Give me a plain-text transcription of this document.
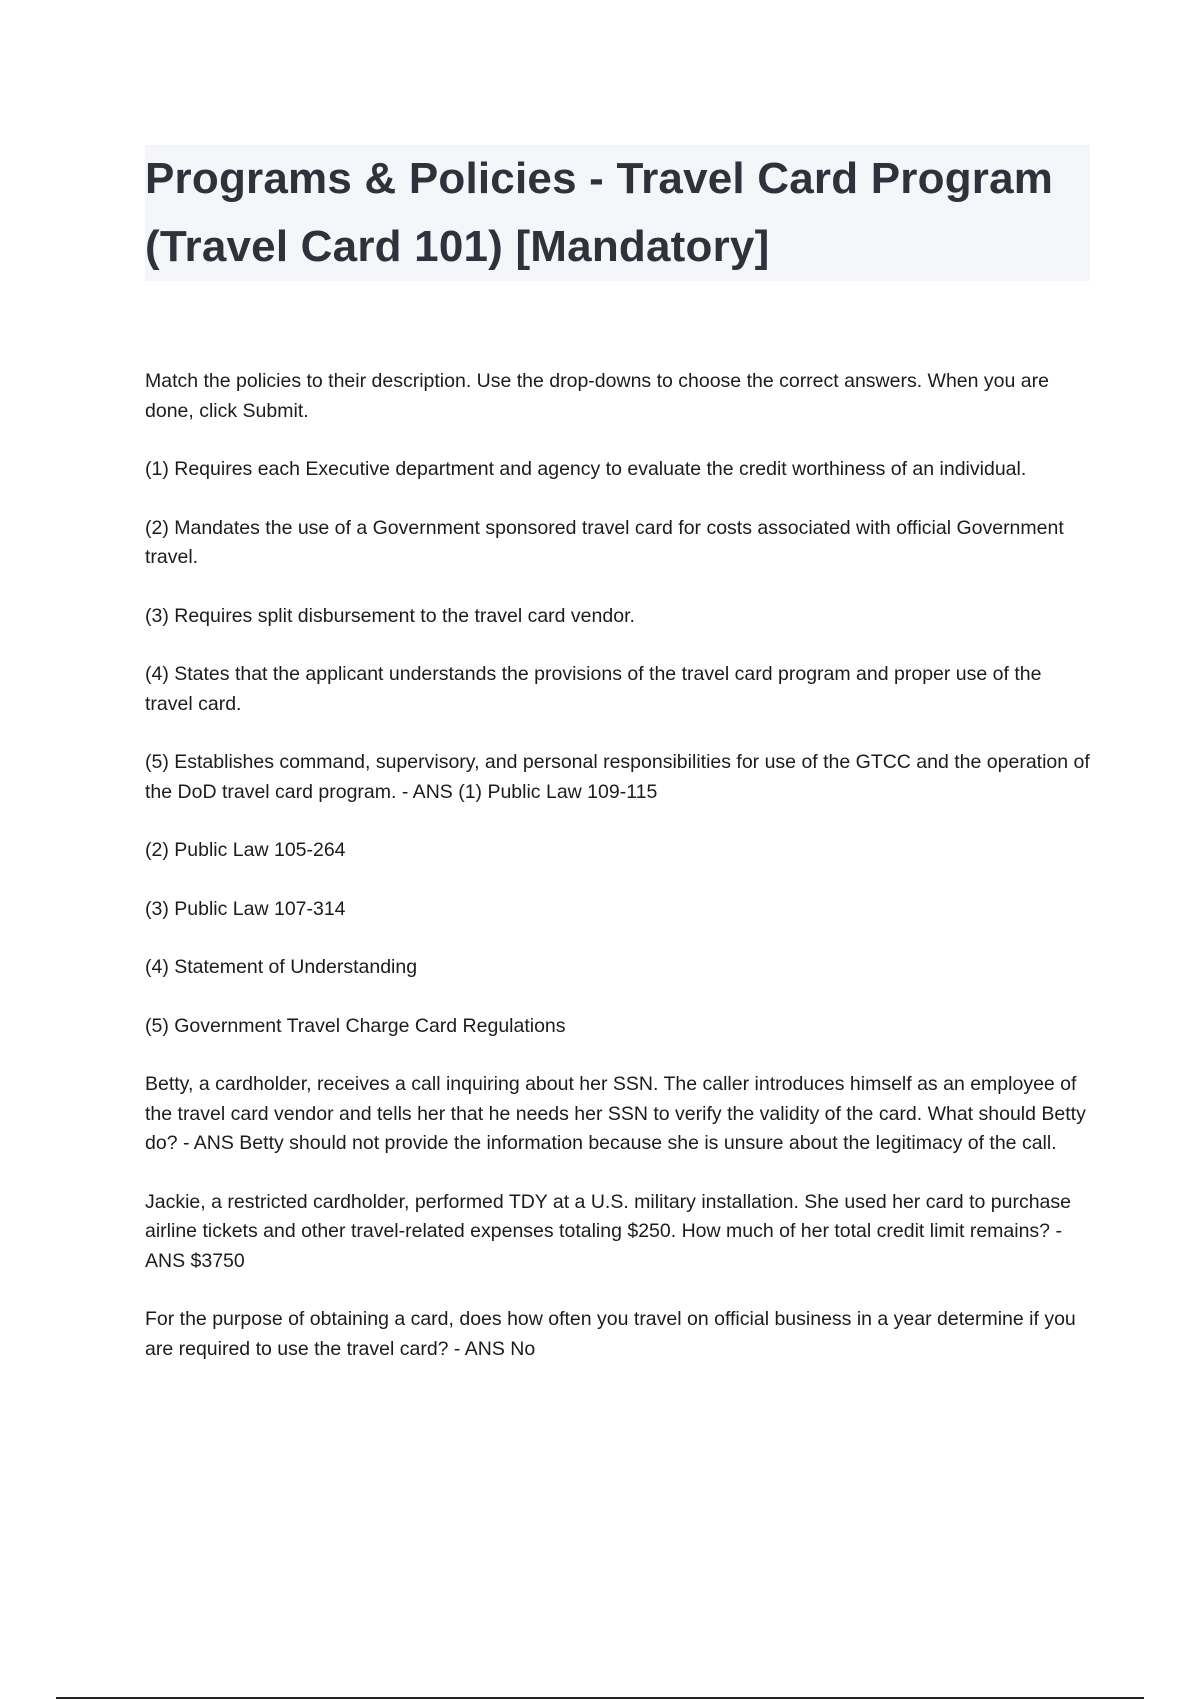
Programs & Policies - Travel Card Program (Travel Card 101) [Mandatory]

Match the policies to their description. Use the drop-downs to choose the correct answers. When you are done, click Submit.

(1) Requires each Executive department and agency to evaluate the credit worthiness of an individual.

(2) Mandates the use of a Government sponsored travel card for costs associated with official Government travel.

(3) Requires split disbursement to the travel card vendor.

(4) States that the applicant understands the provisions of the travel card program and proper use of the travel card.

(5) Establishes command, supervisory, and personal responsibilities for use of the GTCC and the operation of the DoD travel card program. - ANS (1) Public Law 109-115

(2) Public Law 105-264

(3) Public Law 107-314

(4) Statement of Understanding

(5) Government Travel Charge Card Regulations

Betty, a cardholder, receives a call inquiring about her SSN. The caller introduces himself as an employee of the travel card vendor and tells her that he needs her SSN to verify the validity of the card. What should Betty do? - ANS Betty should not provide the information because she is unsure about the legitimacy of the call.

Jackie, a restricted cardholder, performed TDY at a U.S. military installation. She used her card to purchase airline tickets and other travel-related expenses totaling $250. How much of her total credit limit remains? - ANS $3750

For the purpose of obtaining a card, does how often you travel on official business in a year determine if you are required to use the travel card? - ANS No
